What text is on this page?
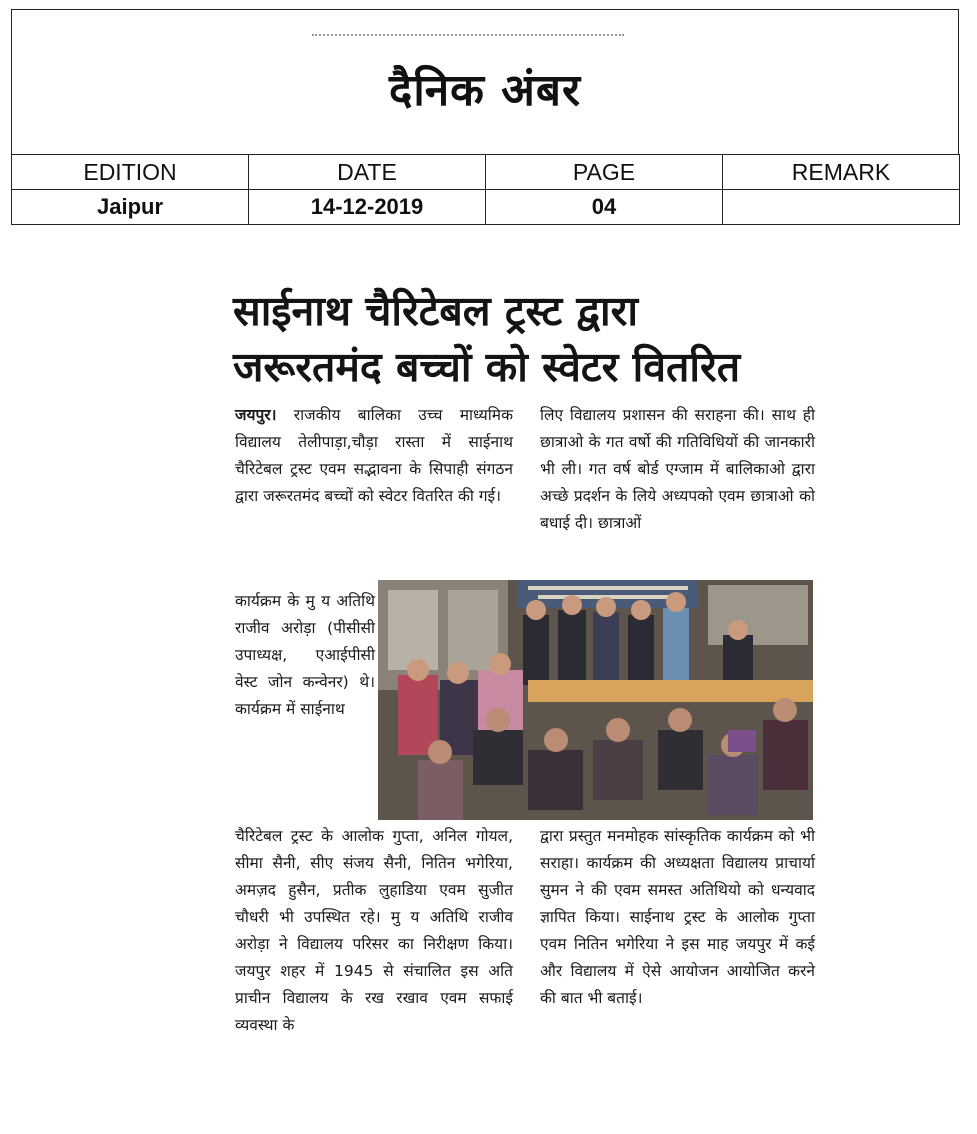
दैनिक अंबर
EDITION	DATE	PAGE	REMARK
Jaipur	14-12-2019	04	
साईनाथ चैरिटेबल ट्रस्ट द्वारा
जरूरतमंद बच्चों को स्वेटर वितरित

जयपुर। राजकीय बालिका उच्च माध्यमिक विद्यालय तेलीपाड़ा,चौड़ा रास्ता में साईनाथ चैरिटेबल ट्रस्ट एवम सद्भावना के सिपाही संगठन द्वारा जरूरतमंद बच्चों को स्वेटर वितरित की गई।

कार्यक्रम के मु य अतिथि राजीव अरोड़ा (पीसीसी उपाध्यक्ष, एआईपीसी वेस्ट जोन कन्वेनर) थे। कार्यक्रम में साईनाथ

लिए विद्यालय प्रशासन की सराहना की। साथ ही छात्राओ के गत वर्षो की गतिविधियों की जानकारी भी ली। गत वर्ष बोर्ड एग्जाम में बालिकाओ द्वारा अच्छे प्रदर्शन के लिये अध्यपको एवम छात्राओ को बधाई दी। छात्राओं

चैरिटेबल ट्रस्ट के आलोक गुप्ता, अनिल गोयल, सीमा सैनी, सीए संजय सैनी, नितिन भगेरिया, अमज़द हुसैन, प्रतीक लुहाडिया एवम सुजीत चौधरी भी उपस्थित रहे। मु य अतिथि राजीव अरोड़ा ने विद्यालय परिसर का निरीक्षण किया। जयपुर शहर में 1945 से संचालित इस अति प्राचीन विद्यालय के रख रखाव एवम सफाई व्यवस्था के

द्वारा प्रस्तुत मनमोहक सांस्कृतिक कार्यक्रम को भी सराहा। कार्यक्रम की अध्यक्षता विद्यालय प्राचार्या सुमन ने की एवम समस्त अतिथियो को धन्यवाद ज्ञापित किया। साईनाथ ट्रस्ट के आलोक गुप्ता एवम नितिन भगेरिया ने इस माह जयपुर में कई और विद्यालय में ऐसे आयोजन आयोजित करने की बात भी बताई।
